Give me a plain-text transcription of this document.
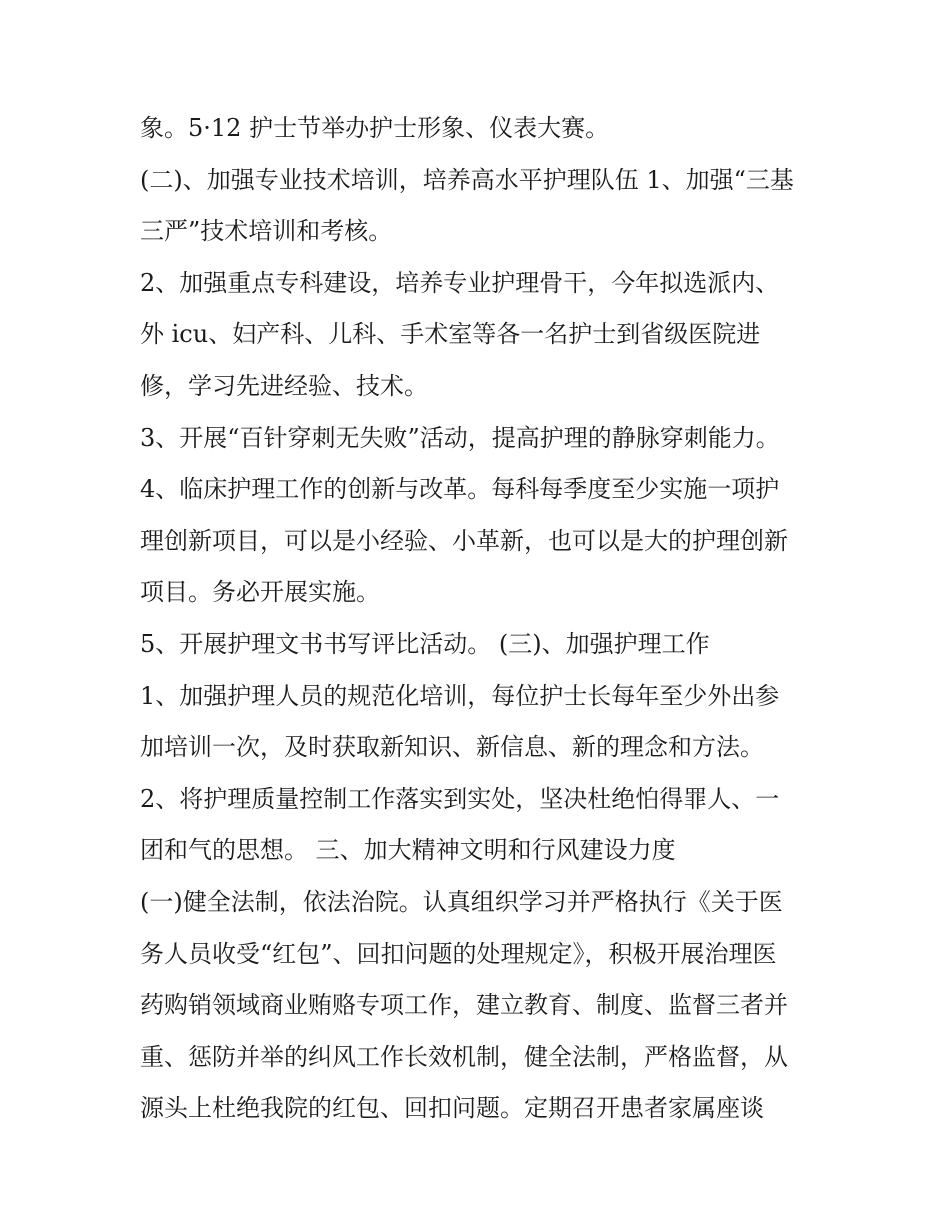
象。5·12 护士节举办护士形象、仪表大赛。
(二)、加强专业技术培训，培养高水平护理队伍 1、加强“三基
三严”技术培训和考核。
2、加强重点专科建设，培养专业护理骨干，今年拟选派内、
外 icu、妇产科、儿科、手术室等各一名护士到省级医院进
修，学习先进经验、技术。
3、开展“百针穿刺无失败”活动，提高护理的静脉穿刺能力。
4、临床护理工作的创新与改革。每科每季度至少实施一项护
理创新项目，可以是小经验、小革新，也可以是大的护理创新
项目。务必开展实施。
5、开展护理文书书写评比活动。 (三)、加强护理工作
1、加强护理人员的规范化培训，每位护士长每年至少外出参
加培训一次，及时获取新知识、新信息、新的理念和方法。
2、将护理质量控制工作落实到实处，坚决杜绝怕得罪人、一
团和气的思想。 三、加大精神文明和行风建设力度
(一)健全法制，依法治院。认真组织学习并严格执行《关于医
务人员收受“红包”、回扣问题的处理规定》，积极开展治理医
药购销领域商业贿赂专项工作，建立教育、制度、监督三者并
重、惩防并举的纠风工作长效机制，健全法制，严格监督，从
源头上杜绝我院的红包、回扣问题。定期召开患者家属座谈
